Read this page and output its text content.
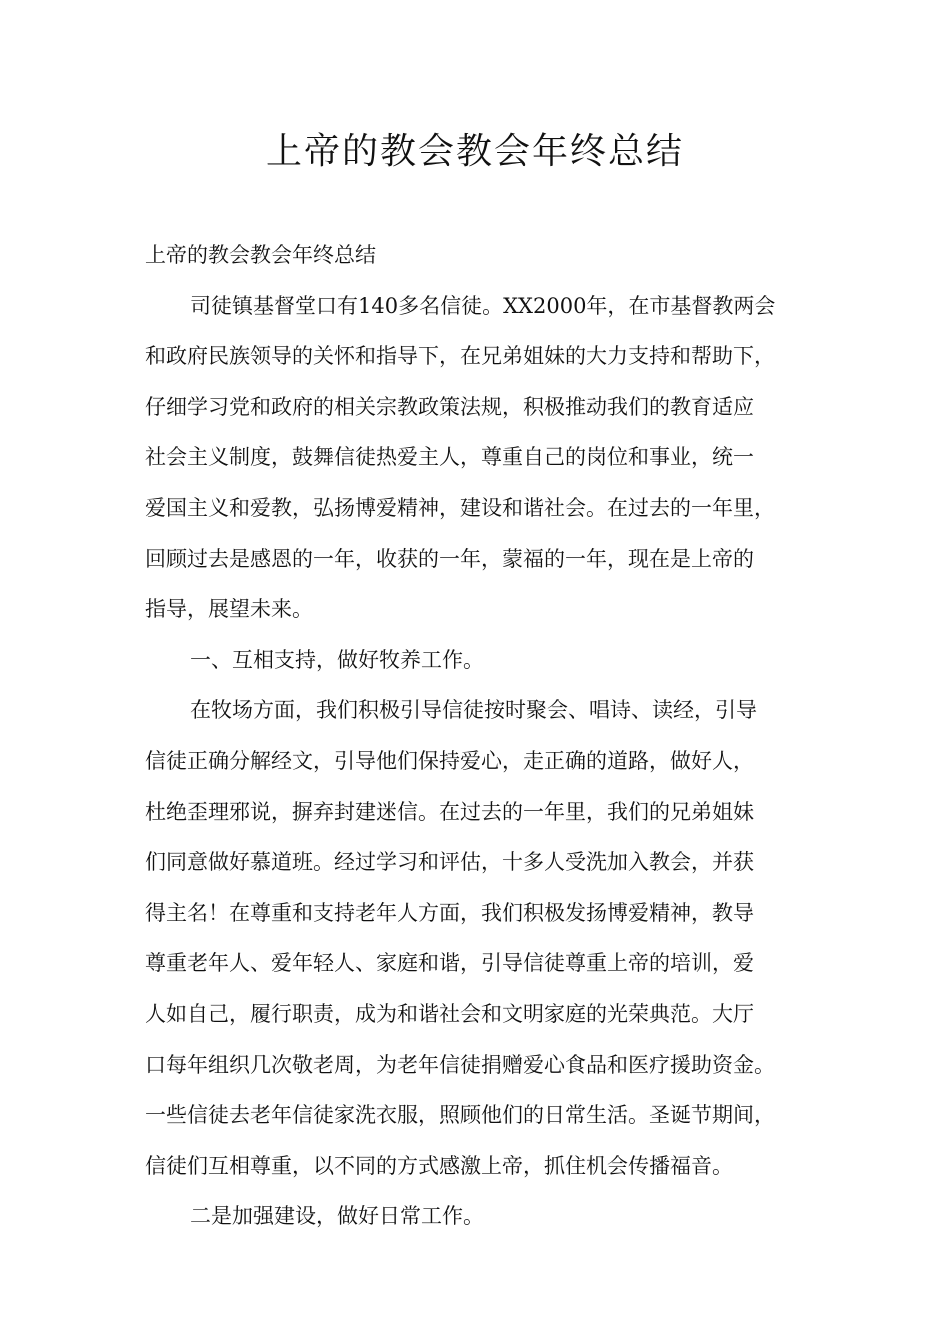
上帝的教会教会年终总结
上帝的教会教会年终总结
司徒镇基督堂口有140多名信徒。XX2000年，在市基督教两会
和政府民族领导的关怀和指导下，在兄弟姐妹的大力支持和帮助下，
仔细学习党和政府的相关宗教政策法规，积极推动我们的教育适应
社会主义制度，鼓舞信徒热爱主人，尊重自己的岗位和事业，统一
爱国主义和爱教，弘扬博爱精神，建设和谐社会。在过去的一年里，
回顾过去是感恩的一年，收获的一年，蒙福的一年，现在是上帝的
指导，展望未来。
一、互相支持，做好牧养工作。
在牧场方面，我们积极引导信徒按时聚会、唱诗、读经，引导
信徒正确分解经文，引导他们保持爱心，走正确的道路，做好人，
杜绝歪理邪说，摒弃封建迷信。在过去的一年里，我们的兄弟姐妹
们同意做好慕道班。经过学习和评估，十多人受洗加入教会，并获
得主名！在尊重和支持老年人方面，我们积极发扬博爱精神，教导
尊重老年人、爱年轻人、家庭和谐，引导信徒尊重上帝的培训，爱
人如自己，履行职责，成为和谐社会和文明家庭的光荣典范。大厅
口每年组织几次敬老周，为老年信徒捐赠爱心食品和医疗援助资金。
一些信徒去老年信徒家洗衣服，照顾他们的日常生活。圣诞节期间，
信徒们互相尊重，以不同的方式感激上帝，抓住机会传播福音。
二是加强建设，做好日常工作。
